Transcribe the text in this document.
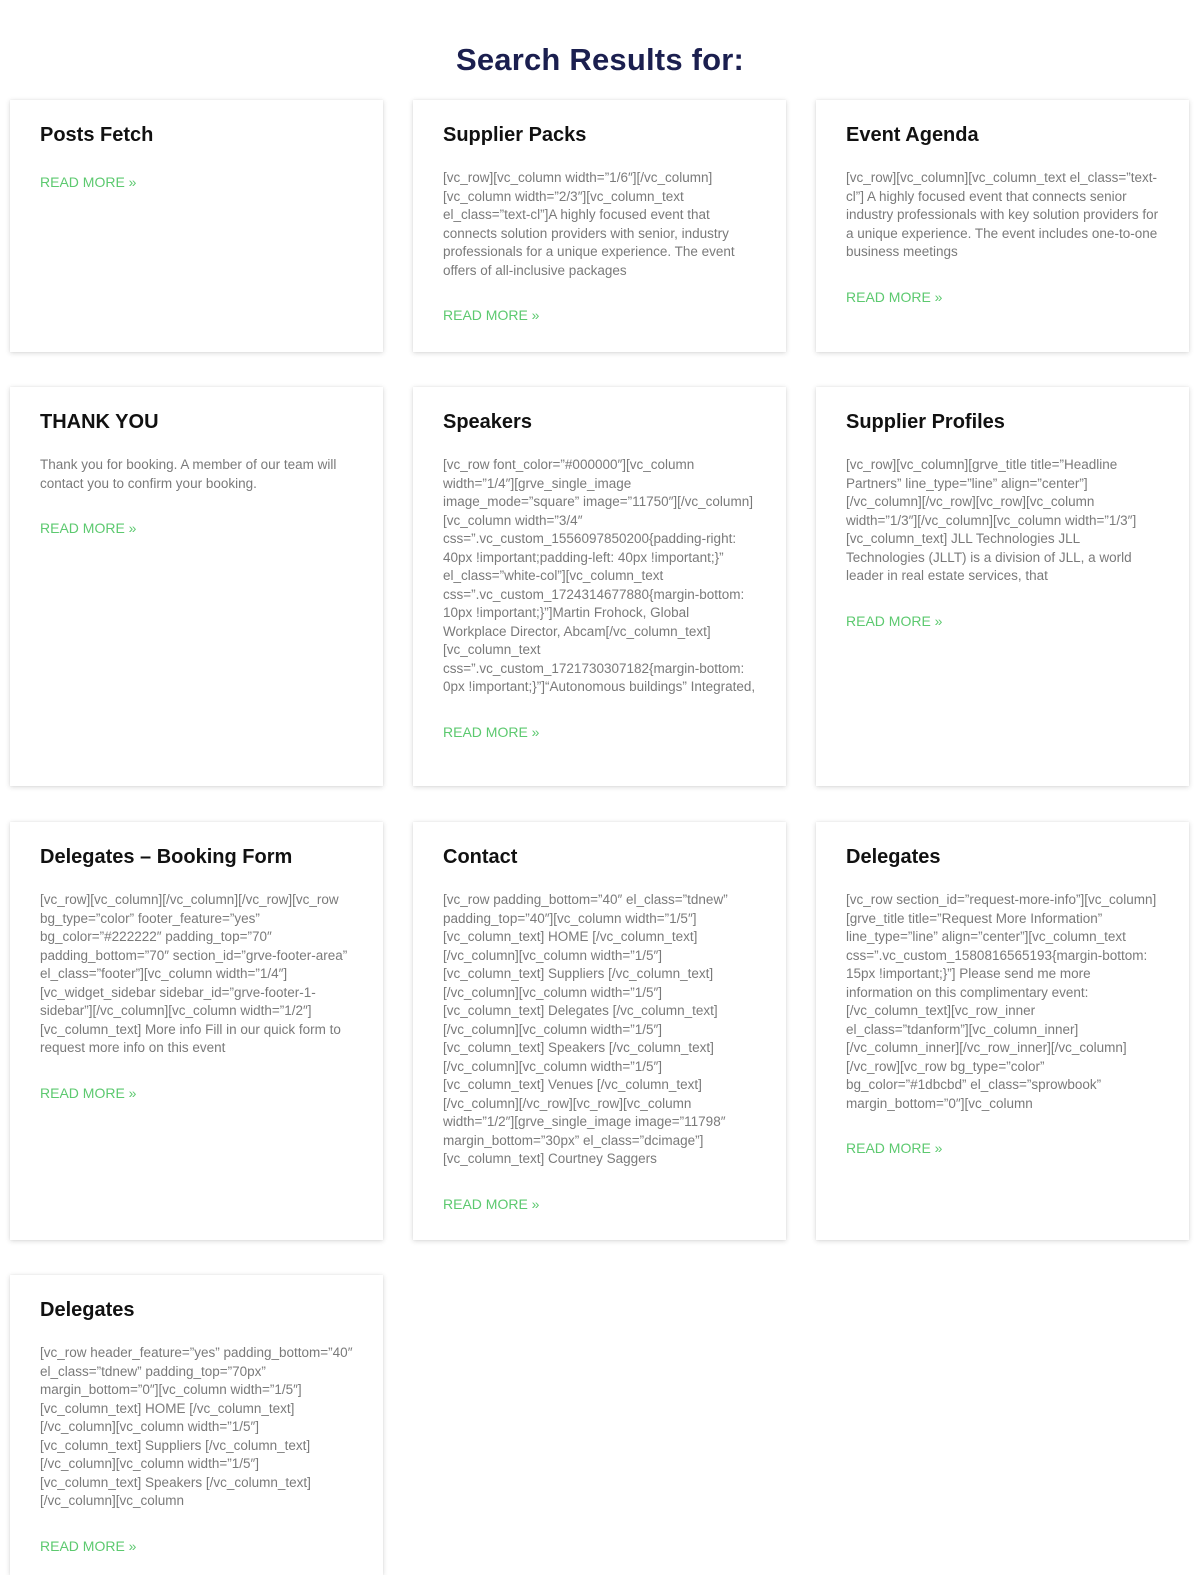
Search Results for:
Posts Fetch
READ MORE »
Supplier Packs

[vc_row][vc_column width=”1/6″][/vc_column][vc_column width=”2/3″][vc_column_text el_class=”text-cl”]A highly focused event that connects solution providers with senior, industry professionals for a unique experience. The event offers of all-inclusive packages

READ MORE »
Event Agenda

[vc_row][vc_column][vc_column_text el_class=”text-cl”] A highly focused event that connects senior industry professionals with key solution providers for a unique experience. The event includes one-to-one business meetings

READ MORE »
THANK YOU

Thank you for booking. A member of our team will contact you to confirm your booking.

READ MORE »
Speakers

[vc_row font_color=”#000000″][vc_column width=”1/4″][grve_single_image image_mode=”square” image=”11750″][/vc_column][vc_column width=”3/4″ css=”.vc_custom_1556097850200{padding-right: 40px !important;padding-left: 40px !important;}” el_class=”white-col”][vc_column_text css=”.vc_custom_1724314677880{margin-bottom: 10px !important;}”]Martin Frohock, Global Workplace Director, Abcam[/vc_column_text][vc_column_text css=”.vc_custom_1721730307182{margin-bottom: 0px !important;}”]“Autonomous buildings” Integrated,

READ MORE »
Supplier Profiles

[vc_row][vc_column][grve_title title=”Headline Partners” line_type=”line” align=”center”][/vc_column][/vc_row][vc_row][vc_column width=”1/3″][/vc_column][vc_column width=”1/3″][vc_column_text] JLL Technologies JLL Technologies (JLLT) is a division of JLL, a world leader in real estate services, that

READ MORE »
Delegates – Booking Form

[vc_row][vc_column][/vc_column][/vc_row][vc_row bg_type=”color” footer_feature=”yes” bg_color=”#222222″ padding_top=”70″ padding_bottom=”70″ section_id=”grve-footer-area” el_class=”footer”][vc_column width=”1/4″][vc_widget_sidebar sidebar_id=”grve-footer-1-sidebar”][/vc_column][vc_column width=”1/2″][vc_column_text] More info Fill in our quick form to request more info on this event

READ MORE »
Contact

[vc_row padding_bottom=”40″ el_class=”tdnew” padding_top=”40″][vc_column width=”1/5″][vc_column_text] HOME [/vc_column_text][/vc_column][vc_column width=”1/5″][vc_column_text] Suppliers [/vc_column_text][/vc_column][vc_column width=”1/5″][vc_column_text] Delegates [/vc_column_text][/vc_column][vc_column width=”1/5″][vc_column_text] Speakers [/vc_column_text][/vc_column][vc_column width=”1/5″][vc_column_text] Venues [/vc_column_text][/vc_column][/vc_row][vc_row][vc_column width=”1/2″][grve_single_image image=”11798″ margin_bottom=”30px” el_class=”dcimage”][vc_column_text] Courtney Saggers

READ MORE »
Delegates

[vc_row section_id=”request-more-info”][vc_column][grve_title title=”Request More Information” line_type=”line” align=”center”][vc_column_text css=”.vc_custom_1580816565193{margin-bottom: 15px !important;}”] Please send me more information on this complimentary event: [/vc_column_text][vc_row_inner el_class=”tdanform”][vc_column_inner][/vc_column_inner][/vc_row_inner][/vc_column][/vc_row][vc_row bg_type=”color” bg_color=”#1dbcbd” el_class=”sprowbook” margin_bottom=”0″][vc_column

READ MORE »
Delegates

[vc_row header_feature=”yes” padding_bottom=”40″ el_class=”tdnew” padding_top=”70px” margin_bottom=”0″][vc_column width=”1/5″][vc_column_text] HOME [/vc_column_text][/vc_column][vc_column width=”1/5″][vc_column_text] Suppliers [/vc_column_text][/vc_column][vc_column width=”1/5″][vc_column_text] Speakers [/vc_column_text][/vc_column][vc_column

READ MORE »
